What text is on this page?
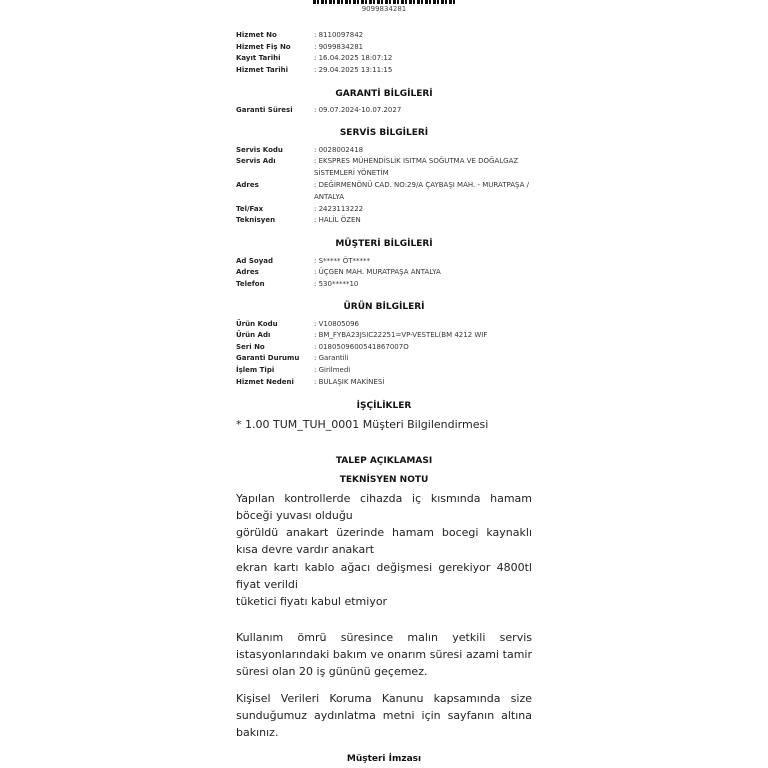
9099834281
Hizmet No	: 8110097842
Hizmet Fiş No	: 9099834281
Kayıt Tarihi	: 16.04.2025 18:07:12
Hizmet Tarihi	: 29.04.2025 13:11:15
GARANTİ BİLGİLERİ
Garanti Süresi	: 09.07.2024-10.07.2027
SERVİS BİLGİLERİ
Servis Kodu	: 0028002418
Servis Adı	: EKSPRES MÜHENDİSLİK ISITMA SOĞUTMA VE DOĞALGAZ SİSTEMLERİ YÖNETİM
Adres	: DEĞİRMENÖNÜ CAD. NO:29/A ÇAYBAŞI MAH. - MURATPAŞA / ANTALYA
Tel/Fax	: 2423113222
Teknisyen	: HALİL ÖZEN
MÜŞTERİ BİLGİLERİ
Ad Soyad	: S***** ÖT*****
Adres	: ÜÇGEN MAH. MURATPAŞA ANTALYA
Telefon	: 530*****10
ÜRÜN BİLGİLERİ
Ürün Kodu	: V10805096
Ürün Adı	: BM_FYBA23JSIC22251=VP-VESTEL(BM 4212 WIF
Seri No	: 0180509600541867007O
Garanti Durumu	: Garantili
İşlem Tipi	: Girilmedi
Hizmet Nedeni	: BULAŞIK MAKİNESİ
İŞÇİLİKLER
* 1.00 TUM_TUH_0001 Müşteri Bilgilendirmesi
TALEP AÇIKLAMASI
TEKNİSYEN NOTU

Yapılan kontrollerde cihazda iç kısmında hamam böceği yuvası olduğu

görüldü anakart üzerinde hamam bocegi kaynaklı kısa devre vardır anakart

ekran kartı kablo ağacı değişmesi gerekiyor 4800tl fiyat verildi

tüketici fiyatı kabul etmiyor

Kullanım ömrü süresince malın yetkili servis istasyonlarındaki bakım ve onarım süresi azami tamir süresi olan 20 iş gününü geçemez.

Kişisel Verileri Koruma Kanunu kapsamında size sunduğumuz aydınlatma metni için sayfanın altına bakınız.

Müşteri İmzası
